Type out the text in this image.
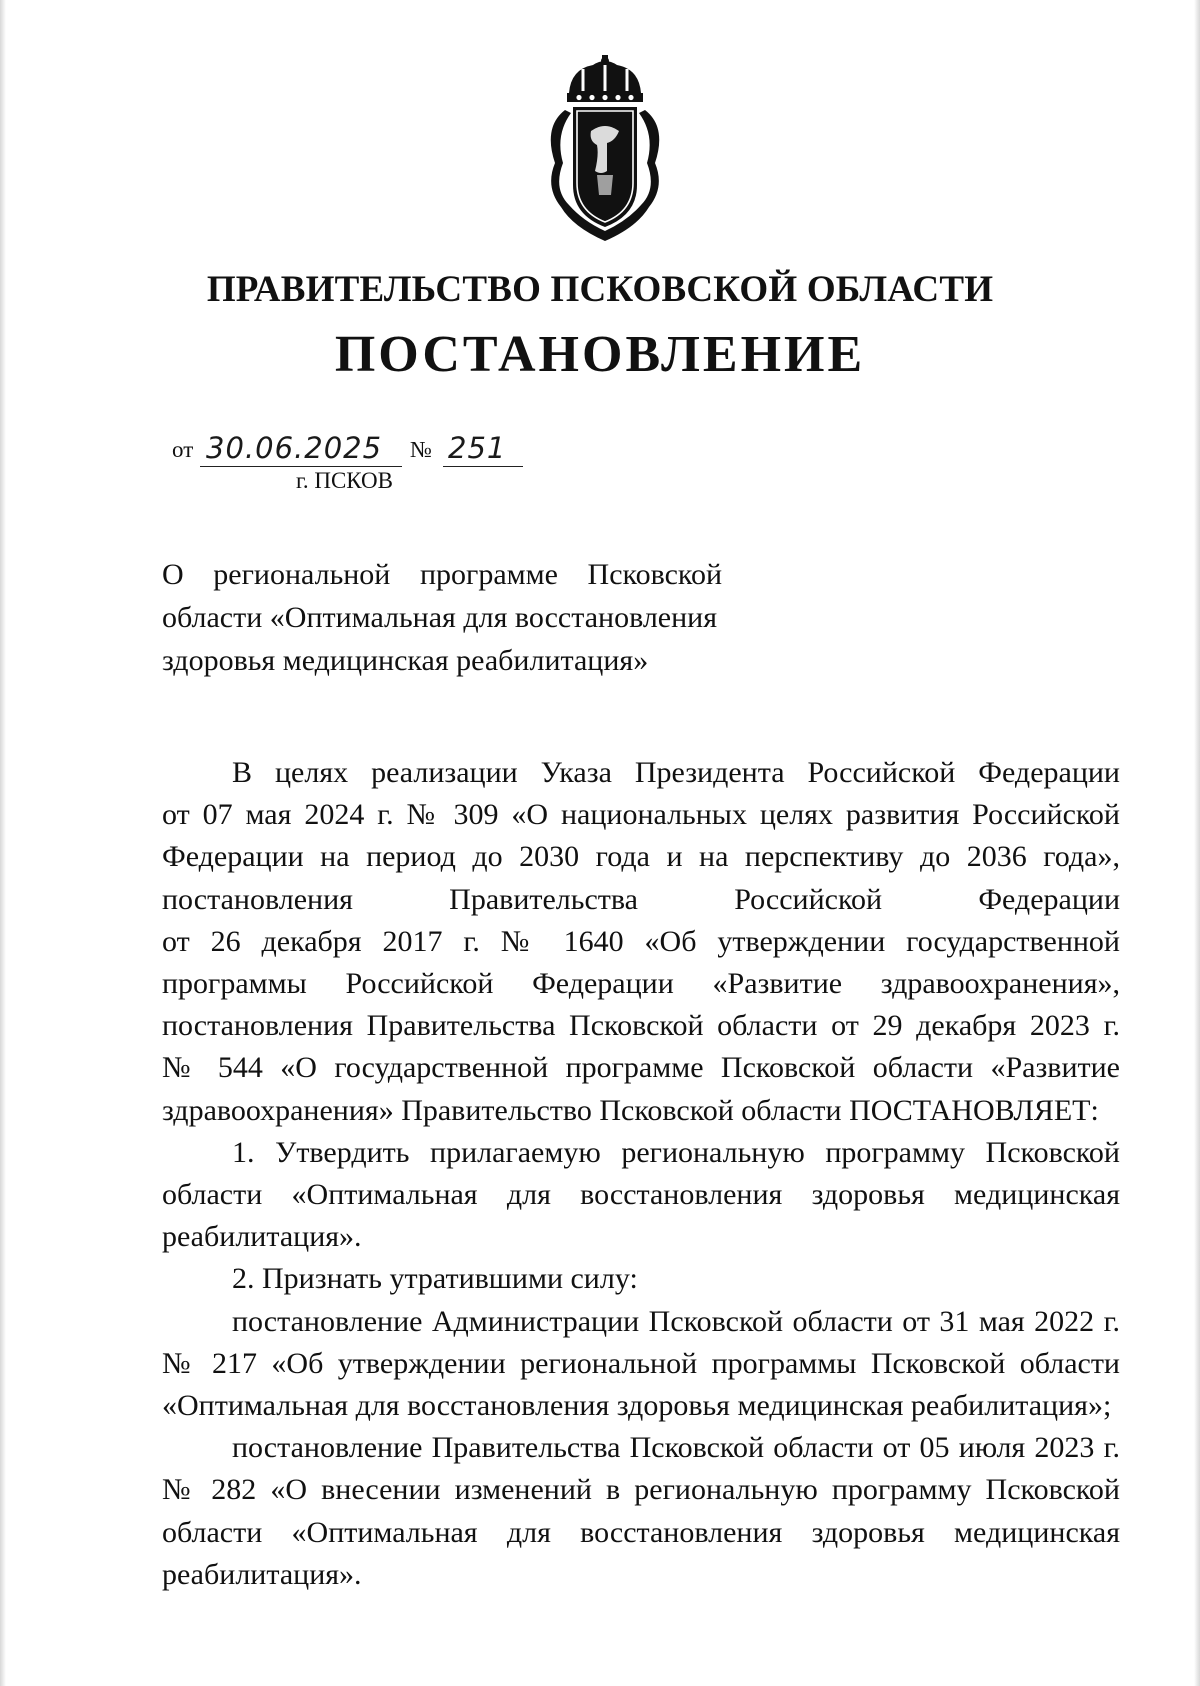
ПРАВИТЕЛЬСТВО ПСКОВСКОЙ ОБЛАСТИ
ПОСТАНОВЛЕНИЕ
от 30.06.2025 № 251
г. ПСКОВ

О региональной программе Псковской
области «Оптимальная для восстановления
здоровья медицинская реабилитация»

В целях реализации Указа Президента Российской Федерации
от 07 мая 2024 г. № 309 «О национальных целях развития Российской
Федерации на период до 2030 года и на перспективу до 2036 года»,
постановления Правительства Российской Федерации
от 26 декабря 2017 г. № 1640 «Об утверждении государственной
программы Российской Федерации «Развитие здравоохранения»,
постановления Правительства Псковской области от 29 декабря 2023 г.
№ 544 «О государственной программе Псковской области «Развитие
здравоохранения» Правительство Псковской области ПОСТАНОВЛЯЕТ:
1. Утвердить прилагаемую региональную программу Псковской
области «Оптимальная для восстановления здоровья медицинская
реабилитация».
2. Признать утратившими силу:
постановление Администрации Псковской области от 31 мая 2022 г.
№ 217 «Об утверждении региональной программы Псковской области
«Оптимальная для восстановления здоровья медицинская реабилитация»;
постановление Правительства Псковской области от 05 июля 2023 г.
№ 282 «О внесении изменений в региональную программу Псковской
области «Оптимальная для восстановления здоровья медицинская
реабилитация».
